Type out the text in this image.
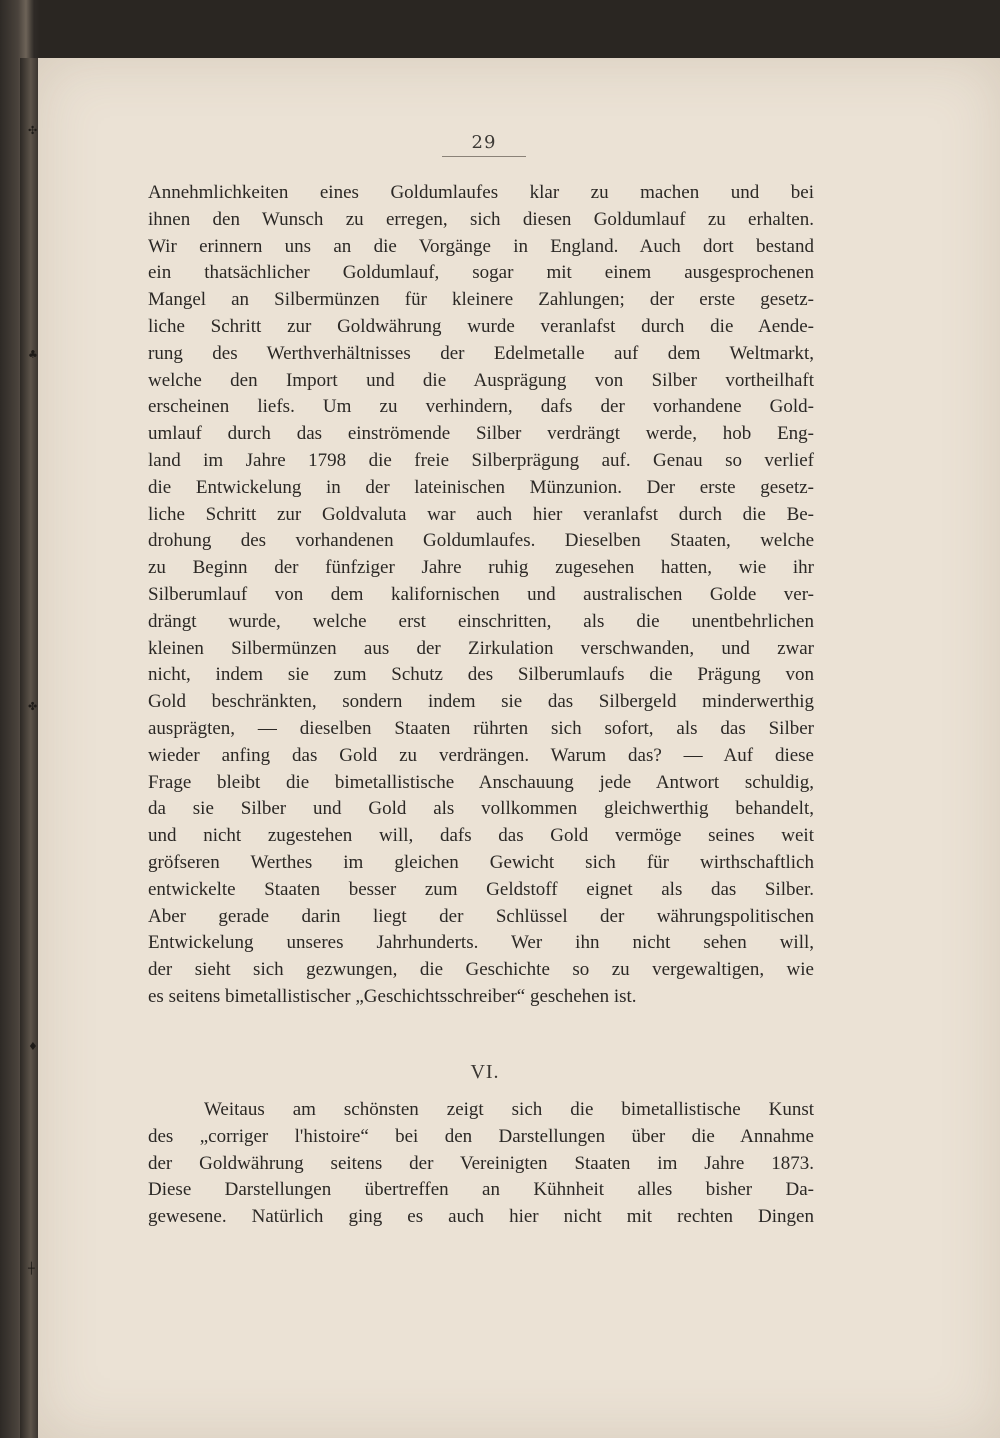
✣
♣
✤
♦
┼
29
Annehmlichkeiten eines Goldumlaufes klar zu machen und bei
ihnen den Wunsch zu erregen, sich diesen Goldumlauf zu erhalten.
Wir erinnern uns an die Vorgänge in England. Auch dort bestand
ein thatsächlicher Goldumlauf, sogar mit einem ausgesprochenen
Mangel an Silbermünzen für kleinere Zahlungen; der erste gesetz-
liche Schritt zur Goldwährung wurde veranlafst durch die Aende-
rung des Werthverhältnisses der Edelmetalle auf dem Weltmarkt,
welche den Import und die Ausprägung von Silber vortheilhaft
erscheinen liefs. Um zu verhindern, dafs der vorhandene Gold-
umlauf durch das einströmende Silber verdrängt werde, hob Eng-
land im Jahre 1798 die freie Silberprägung auf. Genau so verlief
die Entwickelung in der lateinischen Münzunion. Der erste gesetz-
liche Schritt zur Goldvaluta war auch hier veranlafst durch die Be-
drohung des vorhandenen Goldumlaufes. Dieselben Staaten, welche
zu Beginn der fünfziger Jahre ruhig zugesehen hatten, wie ihr
Silberumlauf von dem kalifornischen und australischen Golde ver-
drängt wurde, welche erst einschritten, als die unentbehrlichen
kleinen Silbermünzen aus der Zirkulation verschwanden, und zwar
nicht, indem sie zum Schutz des Silberumlaufs die Prägung von
Gold beschränkten, sondern indem sie das Silbergeld minderwerthig
ausprägten, — dieselben Staaten rührten sich sofort, als das Silber
wieder anfing das Gold zu verdrängen. Warum das? — Auf diese
Frage bleibt die bimetallistische Anschauung jede Antwort schuldig,
da sie Silber und Gold als vollkommen gleichwerthig behandelt,
und nicht zugestehen will, dafs das Gold vermöge seines weit
gröfseren Werthes im gleichen Gewicht sich für wirthschaftlich
entwickelte Staaten besser zum Geldstoff eignet als das Silber.
Aber gerade darin liegt der Schlüssel der währungspolitischen
Entwickelung unseres Jahrhunderts. Wer ihn nicht sehen will,
der sieht sich gezwungen, die Geschichte so zu vergewaltigen, wie
es seitens bimetallistischer „Geschichtsschreiber“ geschehen ist.
VI.
Weitaus am schönsten zeigt sich die bimetallistische Kunst
des „corriger l'histoire“ bei den Darstellungen über die Annahme
der Goldwährung seitens der Vereinigten Staaten im Jahre 1873.
Diese Darstellungen übertreffen an Kühnheit alles bisher Da-
gewesene. Natürlich ging es auch hier nicht mit rechten Dingen
